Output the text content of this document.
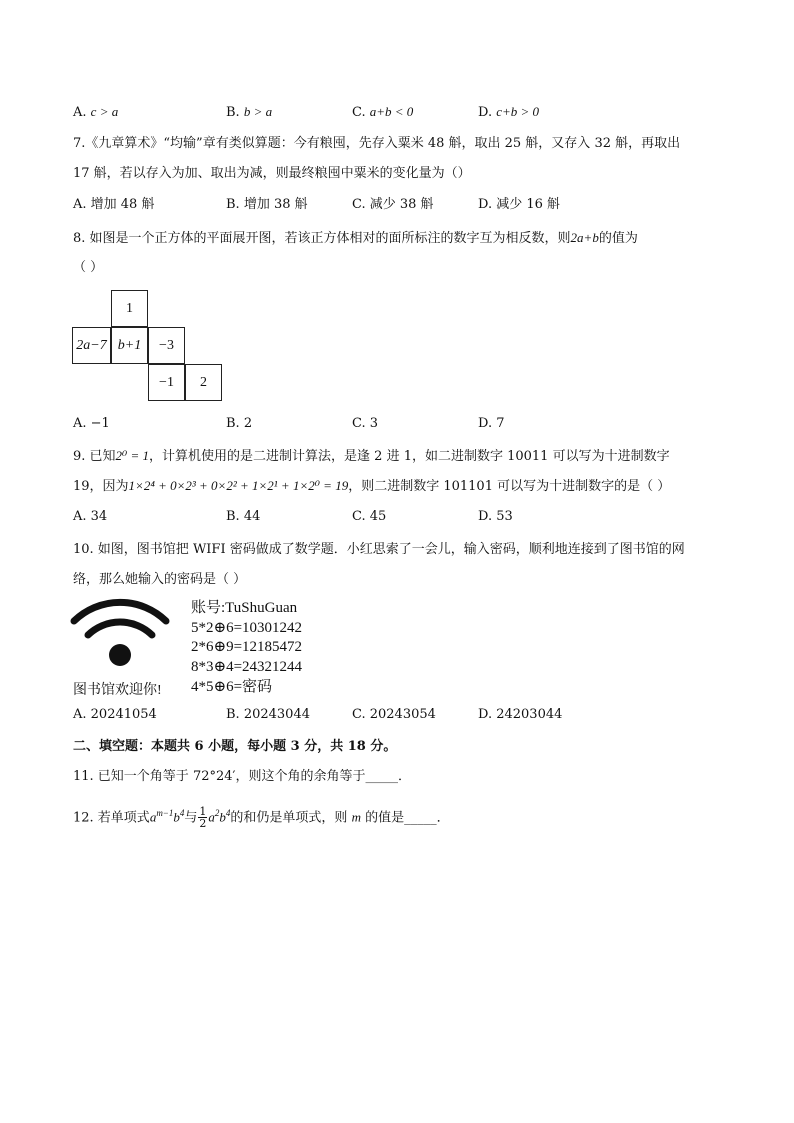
A. c > a	B. b > a	C. a+b < 0	D. c+b > 0
7.《九章算术》“均输”章有类似算题：今有粮囤，先存入粟米 48 斛，取出 25 斛，又存入 32 斛，再取出
17 斛，若以存入为加、取出为减，则最终粮囤中粟米的变化量为（）
A. 增加 48 斛	B. 增加 38 斛	C. 减少 38 斛	D. 减少 16 斛
8. 如图是一个正方体的平面展开图，若该正方体相对的面所标注的数字互为相反数，则2a+b的值为
（ ）
1
2a−7 b+1	−3
−1	2
A. −1	B. 2	C. 3	D. 7
9. 已知2⁰ = 1，计算机使用的是二进制计算法，是逢 2 进 1，如二进制数字 10011 可以写为十进制数字
19，因为1×2⁴ + 0×2³ + 0×2² + 1×2¹ + 1×2⁰ = 19，则二进制数字 101101 可以写为十进制数字的是（ ）
A. 34	B. 44	C. 45	D. 53
10. 如图，图书馆把 WIFI 密码做成了数学题．小红思索了一会儿，输入密码，顺利地连接到了图书馆的网
络，那么她输入的密码是（ ）
图书馆欢迎你!
账号:TuShuGuan
5*2⊕6=10301242
2*6⊕9=12185472
8*3⊕4=24321244
4*5⊕6=密码
A. 20241054	B. 20243044	C. 20243054	D. 24203044
二、填空题：本题共 6 小题，每小题 3 分，共 18 分。
11. 已知一个角等于 72°24′，则这个角的余角等于_____．
12. 若单项式$a^{m-1}b^4$与 $\frac{1}{2} a^2b^4$的和仍是单项式，则 m 的值是_____．
